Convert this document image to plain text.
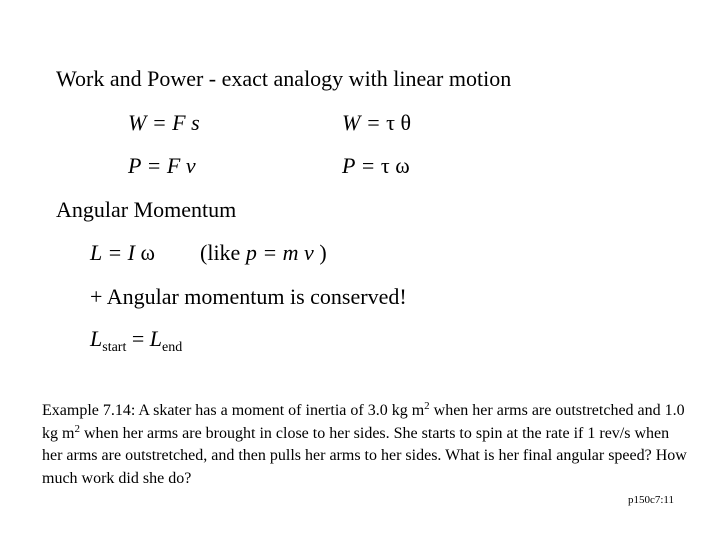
Work and Power - exact analogy with linear motion
W = F s	W = τ θ
P = F v	P = τ ω
Angular Momentum
L = I ω (like p = m v )
+ Angular momentum is conserved!
$L_{start} = L_{end}$
Example 7.14: A skater has a moment of inertia of 3.0 kg $m^2$ when her arms are outstretched and 1.0 kg $m^2$ when her arms are brought in close to her sides. She starts to spin at the rate if 1 rev/s when her arms are outstretched, and then pulls her arms to her sides. What is her final angular speed? How much work did she do?
p150c7:11
